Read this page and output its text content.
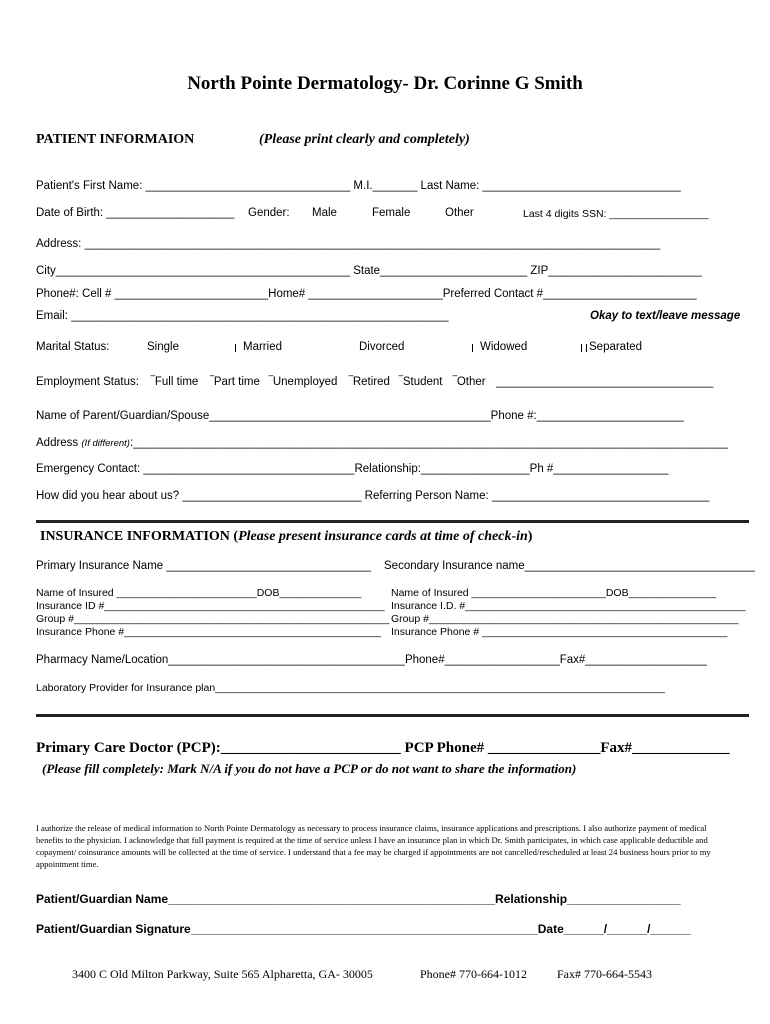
North Pointe Dermatology- Dr. Corinne G Smith
PATIENT INFORMAION	(Please print clearly and completely)
Patient's First Name: ________________________________ M.I._______ Last Name: _______________________________
Date of Birth: ____________________ Gender: Male	Female	Other	Last 4 digits SSN: _________________
Address: __________________________________________________________________________________________
City______________________________________________ State_______________________ ZIP________________________
Phone#: Cell # ________________________Home# _____________________Preferred Contact #________________________
Email: ___________________________________________________________	Okay to text/leave message
Marital Status:	Single	Married	Divorced	Widowed	Separated
Employment Status: ‾Full time ‾Part time ‾Unemployed ‾Retired ‾Student ‾Other __________________________________
Name of Parent/Guardian/Spouse____________________________________________Phone #:_______________________
Address (If different):_____________________________________________________________________________________________
Emergency Contact: _________________________________Relationship:_________________Ph #__________________
How did you hear about us? ____________________________ Referring Person Name: __________________________________
INSURANCE INFORMATION (Please present insurance cards at time of check-in)
Primary Insurance Name ________________________________ Secondary Insurance name____________________________________
Name of Insured ________________________DOB______________
Insurance ID #________________________________________________
Group #______________________________________________________
Insurance Phone #____________________________________________
Name of Insured _______________________DOB_______________
Insurance I.D. #________________________________________________
Group #_____________________________________________________
Insurance Phone # __________________________________________
Pharmacy Name/Location_____________________________________Phone#__________________Fax#___________________
Laboratory Provider for Insurance plan_____________________________________________________________________________
Primary Care Doctor (PCP):________________________ PCP Phone# _______________Fax#_____________
(Please fill completely: Mark N/A if you do not have a PCP or do not want to share the information)
I authorize the release of medical information to North Pointe Dermatology as necessary to process insurance claims, insurance applications and prescriptions. I also authorize payment of medical benefits to the physician. I acknowledge that full payment is required at the time of service unless I have an insurance plan in which Dr. Smith participates, in which case applicable deductible and copayment/ coinsurance amounts will be collected at the time of service. I understand that a fee may be charged if appointments are not cancelled/rescheduled at least 24 business hours prior to my appointment time.
Patient/Guardian Name_________________________________________________Relationship_________________
Patient/Guardian Signature____________________________________________________Date______/______/______
3400 C Old Milton Parkway, Suite 565 Alpharetta, GA- 30005	Phone# 770-664-1012	Fax# 770-664-5543
